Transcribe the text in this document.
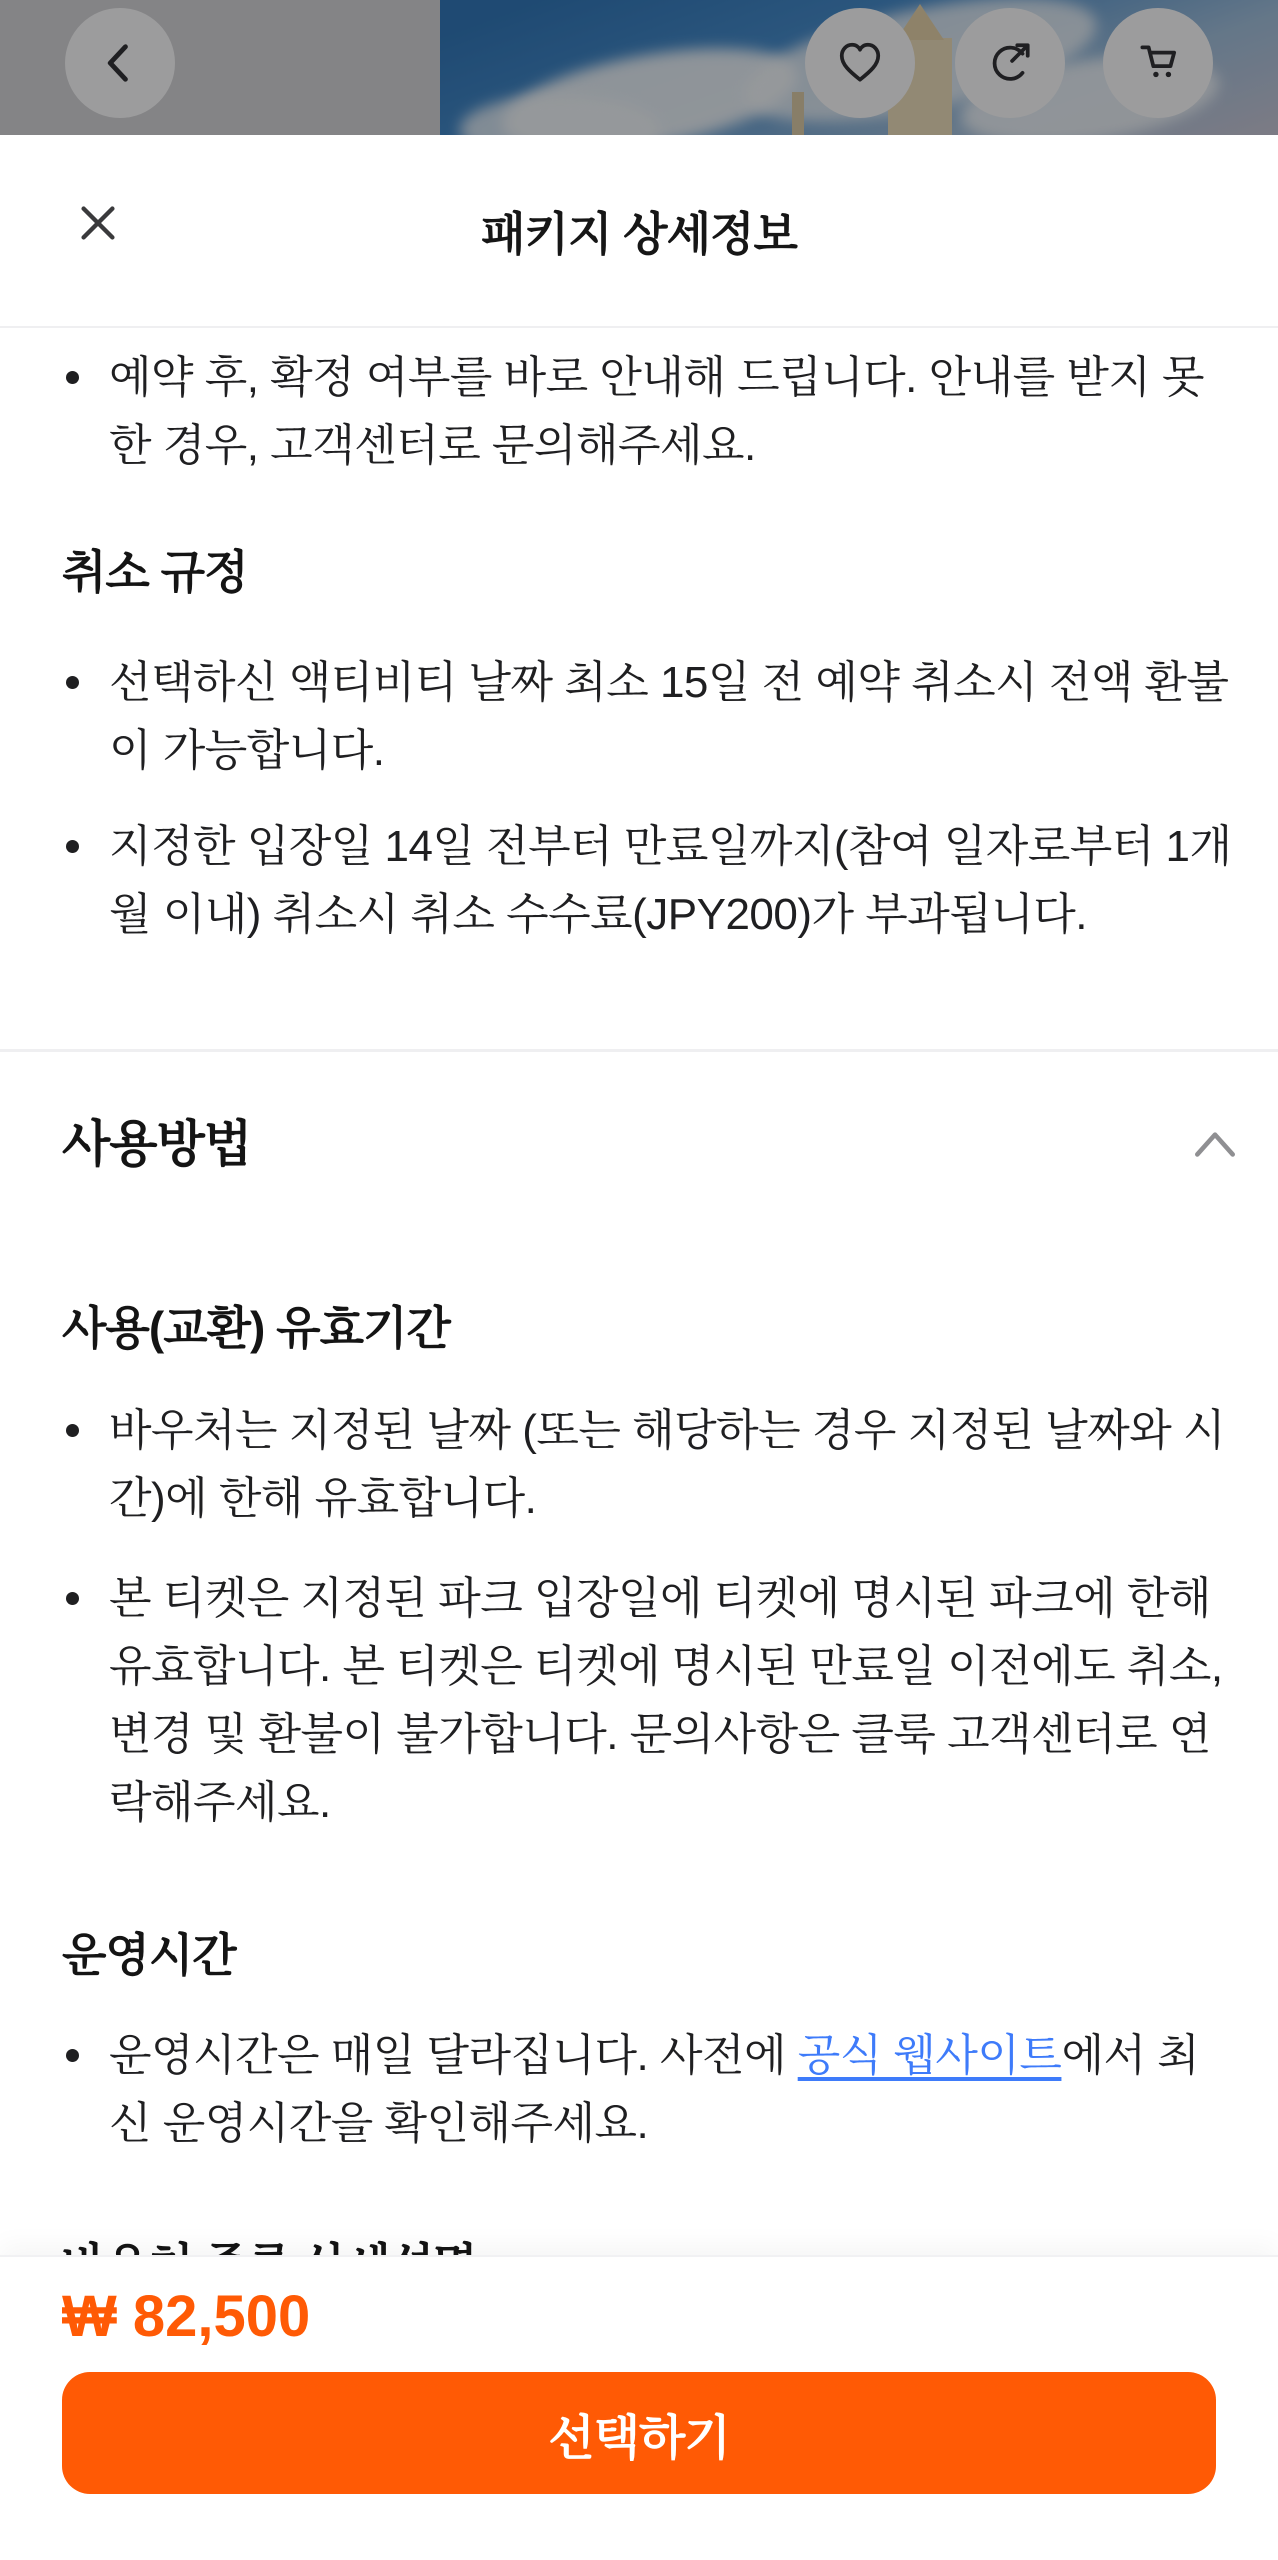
패키지 상세정보

예약 후, 확정 여부를 바로 안내해 드립니다. 안내를 받지 못한 경우, 고객센터로 문의해주세요.

취소 규정

선택하신 액티비티 날짜 최소 15일 전 예약 취소시 전액 환불이 가능합니다.

지정한 입장일 14일 전부터 만료일까지(참여 일자로부터 1개월 이내) 취소시 취소 수수료(JPY200)가 부과됩니다.

사용방법
사용(교환) 유효기간

바우처는 지정된 날짜 (또는 해당하는 경우 지정된 날짜와 시간)에 한해 유효합니다.

본 티켓은 지정된 파크 입장일에 티켓에 명시된 파크에 한해 유효합니다. 본 티켓은 티켓에 명시된 만료일 이전에도 취소, 변경 및 환불이 불가합니다. 문의사항은 클룩 고객센터로 연락해주세요.

운영시간

운영시간은 매일 달라집니다. 사전에 공식 웹사이트에서 최신 운영시간을 확인해주세요.

₩ 82,500
선택하기
